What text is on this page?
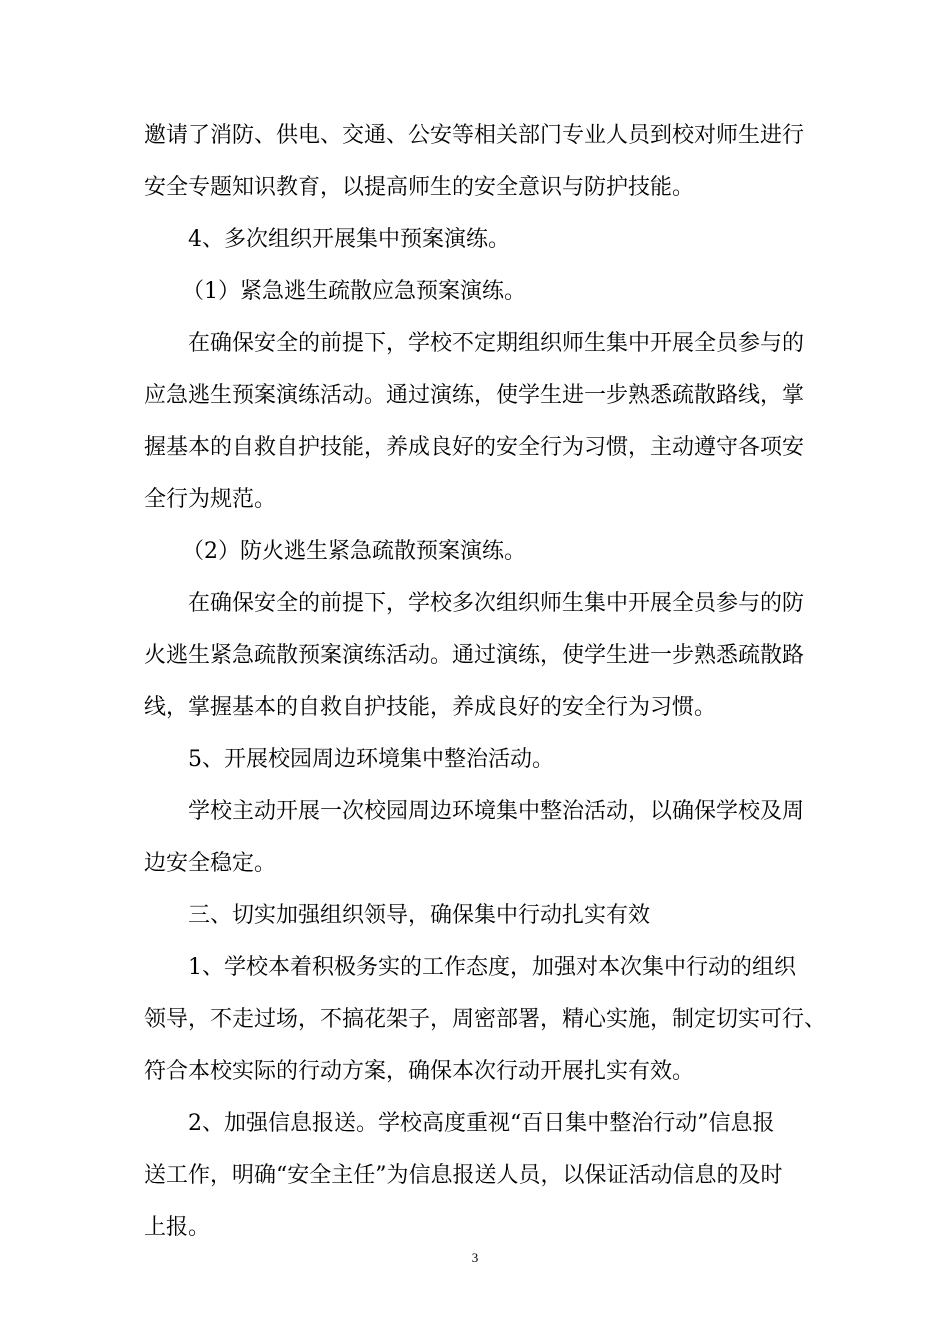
邀请了消防、供电、交通、公安等相关部门专业人员到校对师生进行
安全专题知识教育，以提高师生的安全意识与防护技能。
4、多次组织开展集中预案演练。
（1）紧急逃生疏散应急预案演练。
在确保安全的前提下，学校不定期组织师生集中开展全员参与的
应急逃生预案演练活动。通过演练，使学生进一步熟悉疏散路线，掌
握基本的自救自护技能，养成良好的安全行为习惯，主动遵守各项安
全行为规范。
（2）防火逃生紧急疏散预案演练。
在确保安全的前提下，学校多次组织师生集中开展全员参与的防
火逃生紧急疏散预案演练活动。通过演练，使学生进一步熟悉疏散路
线，掌握基本的自救自护技能，养成良好的安全行为习惯。
5、开展校园周边环境集中整治活动。
学校主动开展一次校园周边环境集中整治活动，以确保学校及周
边安全稳定。
三、切实加强组织领导，确保集中行动扎实有效
1、学校本着积极务实的工作态度，加强对本次集中行动的组织
领导，不走过场，不搞花架子，周密部署，精心实施，制定切实可行、
符合本校实际的行动方案，确保本次行动开展扎实有效。
2、加强信息报送。学校高度重视“百日集中整治行动”信息报
送工作，明确“安全主任”为信息报送人员，以保证活动信息的及时
上报。
3
